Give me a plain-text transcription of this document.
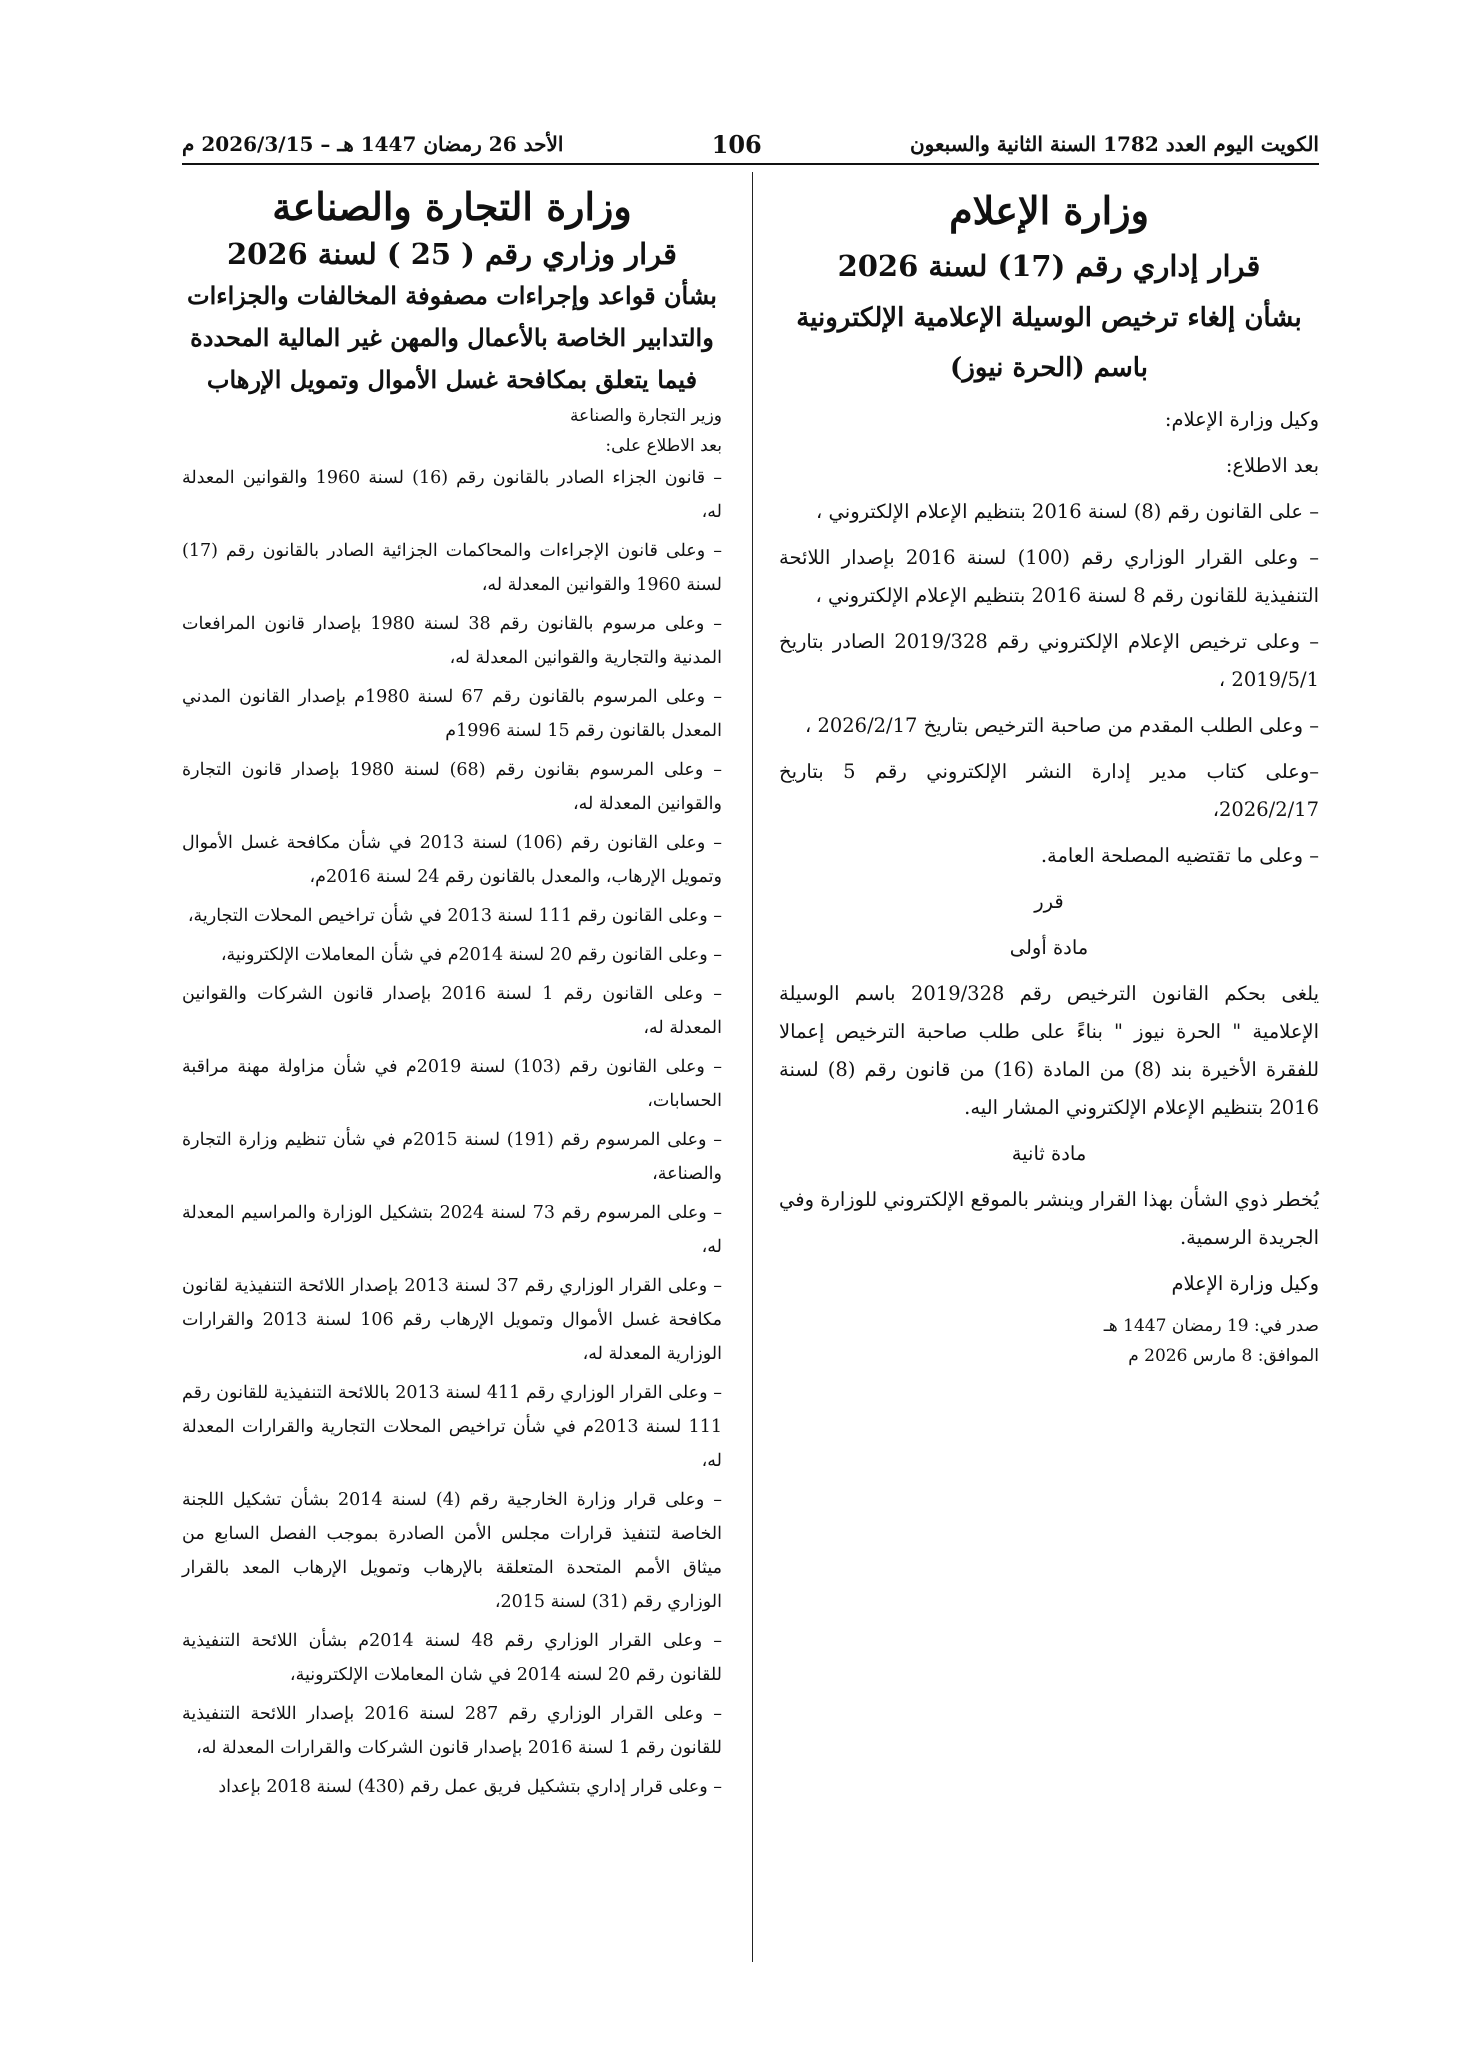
الكويت اليوم العدد 1782 السنة الثانية والسبعون
106
الأحد 26 رمضان 1447 هـ – 2026/3/15 م
وزارة الإعلام
قرار إداري رقم (17) لسنة 2026
بشأن إلغاء ترخيص الوسيلة الإعلامية الإلكترونية
باسم (الحرة نيوز)

وكيل وزارة الإعلام:

بعد الاطلاع:

– على القانون رقم (8) لسنة 2016 بتنظيم الإعلام الإلكتروني ،

– وعلى القرار الوزاري رقم (100) لسنة 2016 بإصدار اللائحة التنفيذية للقانون رقم 8 لسنة 2016 بتنظيم الإعلام الإلكتروني ،

– وعلى ترخيص الإعلام الإلكتروني رقم 2019/328 الصادر بتاريخ 2019/5/1 ،

– وعلى الطلب المقدم من صاحبة الترخيص بتاريخ 2026/2/17 ،

–وعلى كتاب مدير إدارة النشر الإلكتروني رقم 5 بتاريخ 2026/2/17،

– وعلى ما تقتضيه المصلحة العامة.

قرر

مادة أولى

يلغى بحكم القانون الترخيص رقم 2019/328 باسم الوسيلة الإعلامية " الحرة نيوز " بناءً على طلب صاحبة الترخيص إعمالا للفقرة الأخيرة بند (8) من المادة (16) من قانون رقم (8) لسنة 2016 بتنظيم الإعلام الإلكتروني المشار اليه.

مادة ثانية

يُخطر ذوي الشأن بهذا القرار وينشر بالموقع الإلكتروني للوزارة وفي الجريدة الرسمية.

وكيل وزارة الإعلام

صدر في: 19 رمضان 1447 هـ

الموافق: 8 مارس 2026 م

وزارة التجارة والصناعة
قرار وزاري رقم ( 25 ) لسنة 2026
بشأن قواعد وإجراءات مصفوفة المخالفات والجزاءات
والتدابير الخاصة بالأعمال والمهن غير المالية المحددة
فيما يتعلق بمكافحة غسل الأموال وتمويل الإرهاب

وزير التجارة والصناعة

بعد الاطلاع على:

– قانون الجزاء الصادر بالقانون رقم (16) لسنة 1960 والقوانين المعدلة له،

– وعلى قانون الإجراءات والمحاكمات الجزائية الصادر بالقانون رقم (17) لسنة 1960 والقوانين المعدلة له،

– وعلى مرسوم بالقانون رقم 38 لسنة 1980 بإصدار قانون المرافعات المدنية والتجارية والقوانين المعدلة له،

– وعلى المرسوم بالقانون رقم 67 لسنة 1980م بإصدار القانون المدني المعدل بالقانون رقم 15 لسنة 1996م

– وعلى المرسوم بقانون رقم (68) لسنة 1980 بإصدار قانون التجارة والقوانين المعدلة له،

– وعلى القانون رقم (106) لسنة 2013 في شأن مكافحة غسل الأموال وتمويل الإرهاب، والمعدل بالقانون رقم 24 لسنة 2016م،

– وعلى القانون رقم 111 لسنة 2013 في شأن تراخيص المحلات التجارية،

– وعلى القانون رقم 20 لسنة 2014م في شأن المعاملات الإلكترونية،

– وعلى القانون رقم 1 لسنة 2016 بإصدار قانون الشركات والقوانين المعدلة له،

– وعلى القانون رقم (103) لسنة 2019م في شأن مزاولة مهنة مراقبة الحسابات،

– وعلى المرسوم رقم (191) لسنة 2015م في شأن تنظيم وزارة التجارة والصناعة،

– وعلى المرسوم رقم 73 لسنة 2024 بتشكيل الوزارة والمراسيم المعدلة له،

– وعلى القرار الوزاري رقم 37 لسنة 2013 بإصدار اللائحة التنفيذية لقانون مكافحة غسل الأموال وتمويل الإرهاب رقم 106 لسنة 2013 والقرارات الوزارية المعدلة له،

– وعلى القرار الوزاري رقم 411 لسنة 2013 باللائحة التنفيذية للقانون رقم 111 لسنة 2013م في شأن تراخيص المحلات التجارية والقرارات المعدلة له،

– وعلى قرار وزارة الخارجية رقم (4) لسنة 2014 بشأن تشكيل اللجنة الخاصة لتنفيذ قرارات مجلس الأمن الصادرة بموجب الفصل السابع من ميثاق الأمم المتحدة المتعلقة بالإرهاب وتمويل الإرهاب المعد بالقرار الوزاري رقم (31) لسنة 2015،

– وعلى القرار الوزاري رقم 48 لسنة 2014م بشأن اللائحة التنفيذية للقانون رقم 20 لسنه 2014 في شان المعاملات الإلكترونية،

– وعلى القرار الوزاري رقم 287 لسنة 2016 بإصدار اللائحة التنفيذية للقانون رقم 1 لسنة 2016 بإصدار قانون الشركات والقرارات المعدلة له،

– وعلى قرار إداري بتشكيل فريق عمل رقم (430) لسنة 2018 بإعداد
